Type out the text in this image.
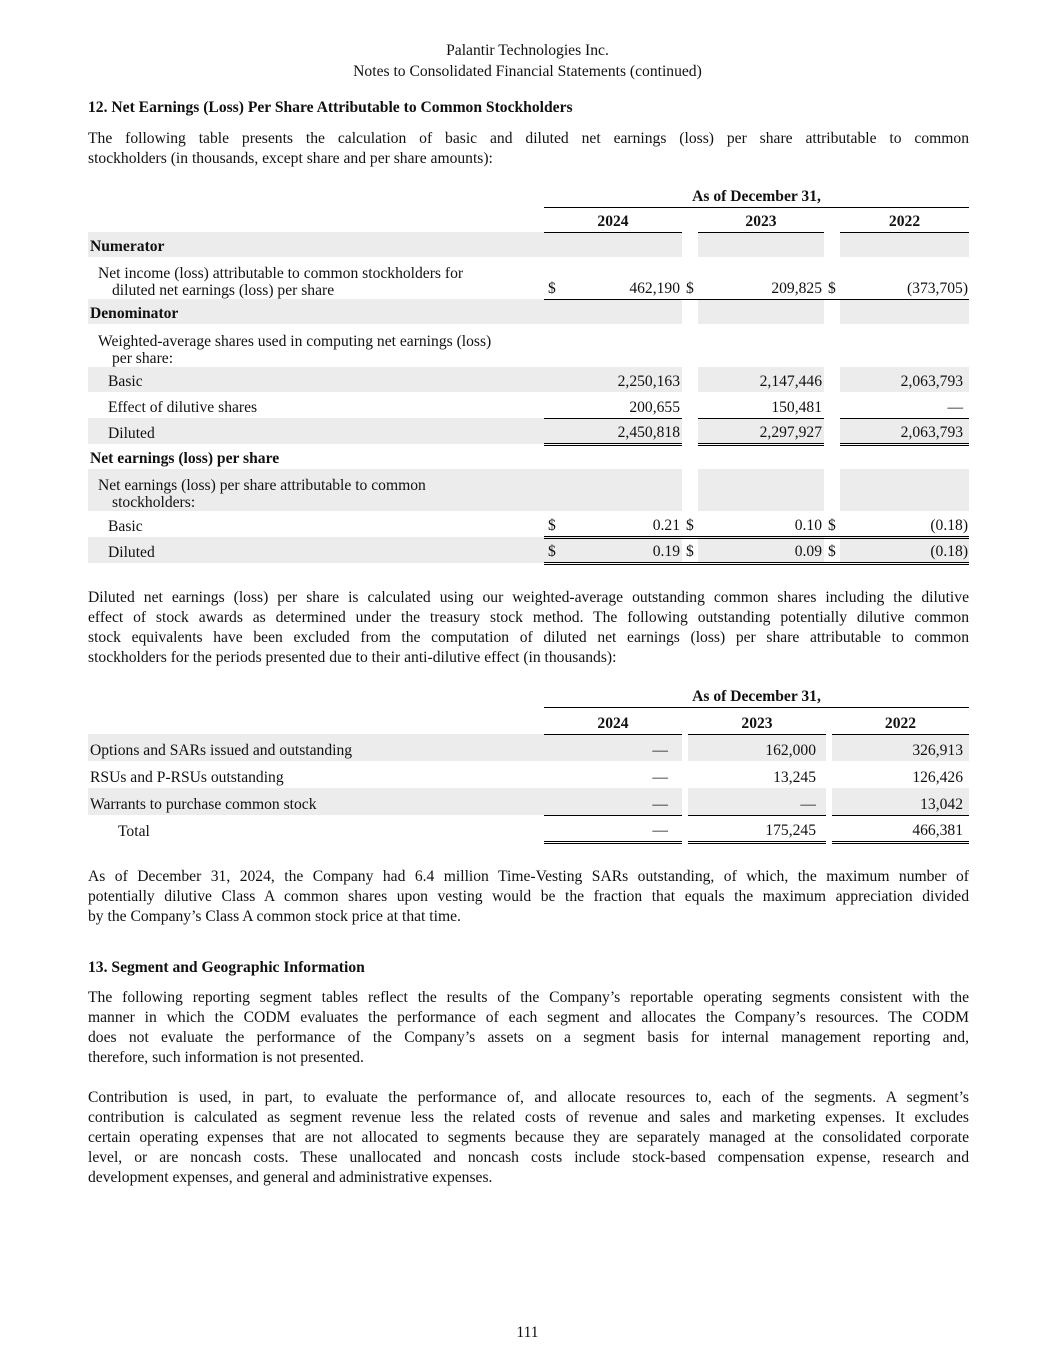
Palantir Technologies Inc.
Notes to Consolidated Financial Statements (continued)
12. Net Earnings (Loss) Per Share Attributable to Common Stockholders
The following table presents the calculation of basic and diluted net earnings (loss) per share attributable to common
stockholders (in thousands, except share and per share amounts):
	As of December 31,					
	2024			2023		2022
Numerator						

Net income (loss) attributable to common stockholders for
diluted net earnings (loss) per share	$	462,190	$	209,825	$	(373,705)
Denominator						

Weighted-average shares used in computing net earnings (loss)
per share:						

Basic		2,250,163		2,147,446		2,063,793
Effect of dilutive shares		200,655		150,481		—
Diluted		2,450,818		2,297,927		2,063,793
Net earnings (loss) per share						

Net earnings (loss) per share attributable to common
stockholders:						

Basic	$	0.21	$	0.10	$	(0.18)
Diluted	$	0.19	$	0.09	$	(0.18)
Diluted net earnings (loss) per share is calculated using our weighted-average outstanding common shares including the dilutive
effect of stock awards as determined under the treasury stock method. The following outstanding potentially dilutive common
stock equivalents have been excluded from the computation of diluted net earnings (loss) per share attributable to common
stockholders for the periods presented due to their anti-dilutive effect (in thousands):
	As of December 31,				
	2024		2023		2022
Options and SARs issued and outstanding	—		162,000		326,913
RSUs and P-RSUs outstanding	—		13,245		126,426
Warrants to purchase common stock	—		—		13,042
Total	—		175,245		466,381
As of December 31, 2024, the Company had 6.4 million Time-Vesting SARs outstanding, of which, the maximum number of
potentially dilutive Class A common shares upon vesting would be the fraction that equals the maximum appreciation divided
by the Company’s Class A common stock price at that time.
13. Segment and Geographic Information
The following reporting segment tables reflect the results of the Company’s reportable operating segments consistent with the
manner in which the CODM evaluates the performance of each segment and allocates the Company’s resources. The CODM
does not evaluate the performance of the Company’s assets on a segment basis for internal management reporting and,
therefore, such information is not presented.
Contribution is used, in part, to evaluate the performance of, and allocate resources to, each of the segments. A segment’s
contribution is calculated as segment revenue less the related costs of revenue and sales and marketing expenses. It excludes
certain operating expenses that are not allocated to segments because they are separately managed at the consolidated corporate
level, or are noncash costs. These unallocated and noncash costs include stock-based compensation expense, research and
development expenses, and general and administrative expenses.
111
